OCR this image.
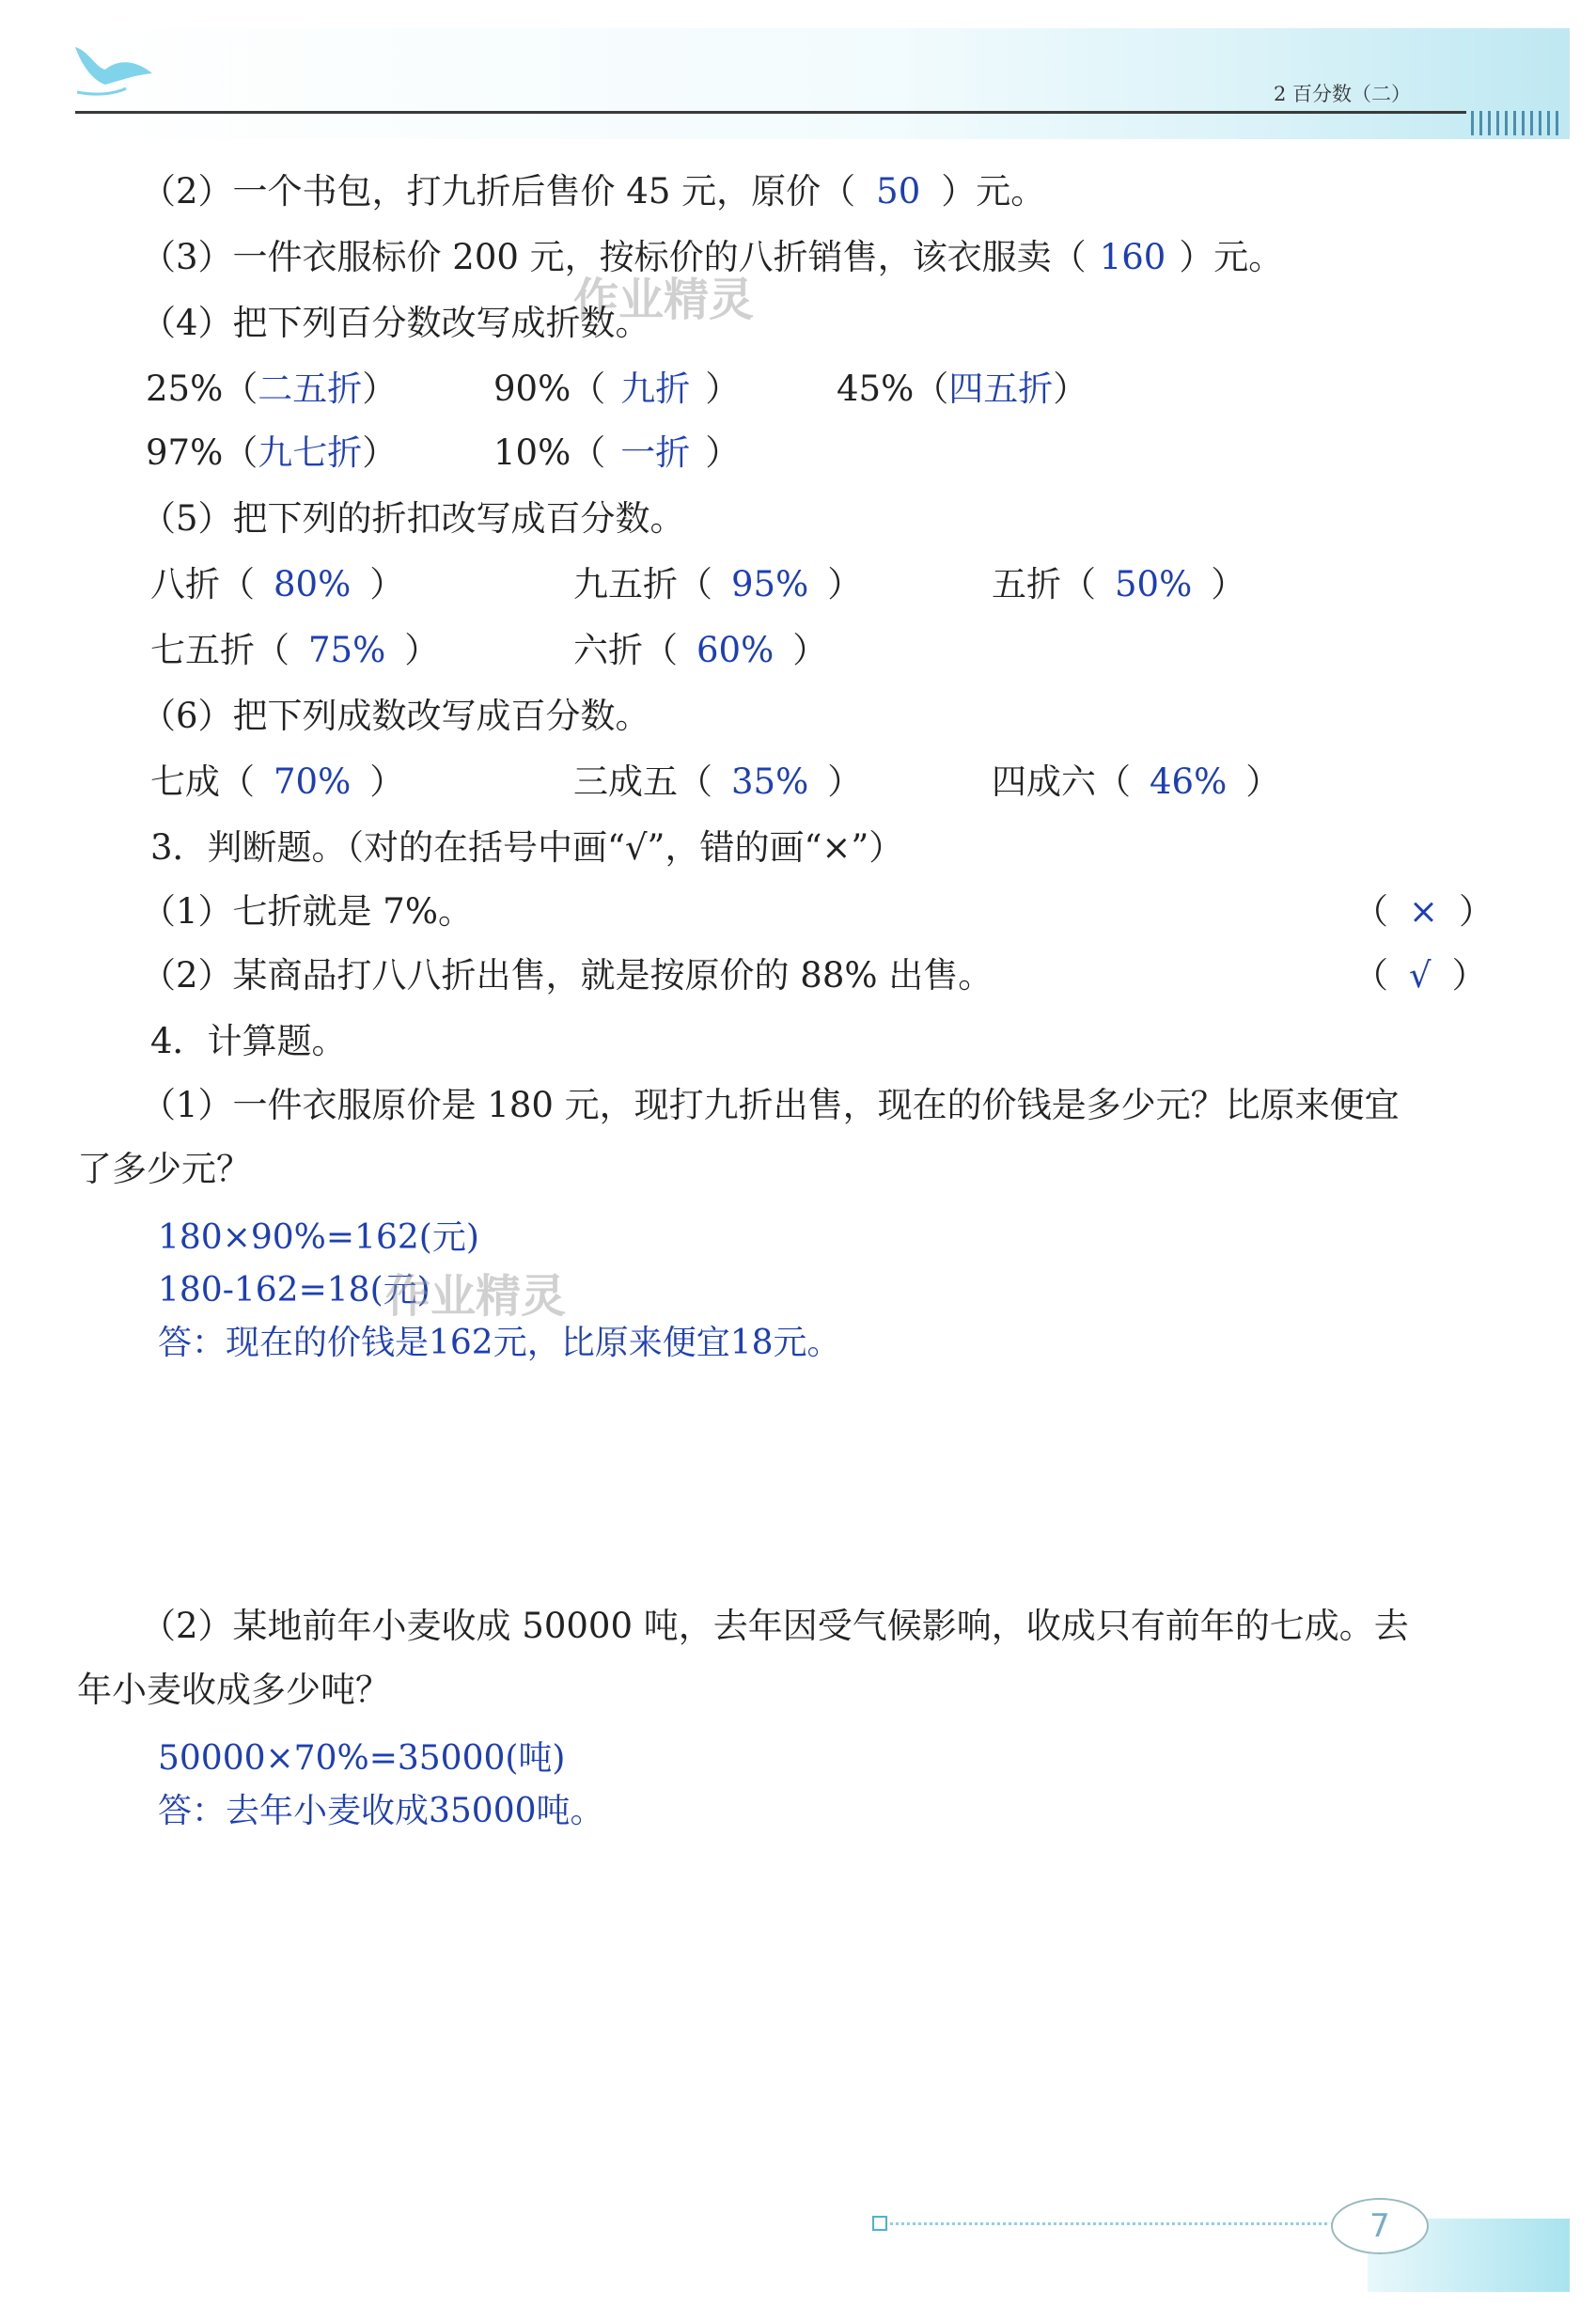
2 百分数（二）
（2）一个书包，打九折后售价 45 元，原价（ 50 ）元。
（3）一件衣服标价 200 元，按标价的八折销售，该衣服卖（ 160 ）元。
作业精灵
（4）把下列百分数改写成折数。
25%（二五折）	90%（ 九折 ）	45%（四五折）
97%（九七折）	10%（ 一折 ）
（5）把下列的折扣改写成百分数。
八折（ 80% ）	九五折（ 95% ）	五折（ 50% ）
七五折（ 75% ）	六折（ 60% ）
（6）把下列成数改写成百分数。
七成（ 70% ）	三成五（ 35% ）	四成六（ 46% ）
3．判断题。（对的在括号中画“√”，错的画“×”）
（1）七折就是 7%。	（ × ）
（2）某商品打八八折出售，就是按原价的 88% 出售。	（ √ ）
4．计算题。
（1）一件衣服原价是 180 元，现打九折出售，现在的价钱是多少元？比原来便宜
了多少元？
180×90%=162(元)
180-162=18(元)
作业精灵
答：现在的价钱是162元，比原来便宜18元。
（2）某地前年小麦收成 50000 吨，去年因受气候影响，收成只有前年的七成。去
年小麦收成多少吨？
50000×70%=35000(吨)
答：去年小麦收成35000吨。
7
